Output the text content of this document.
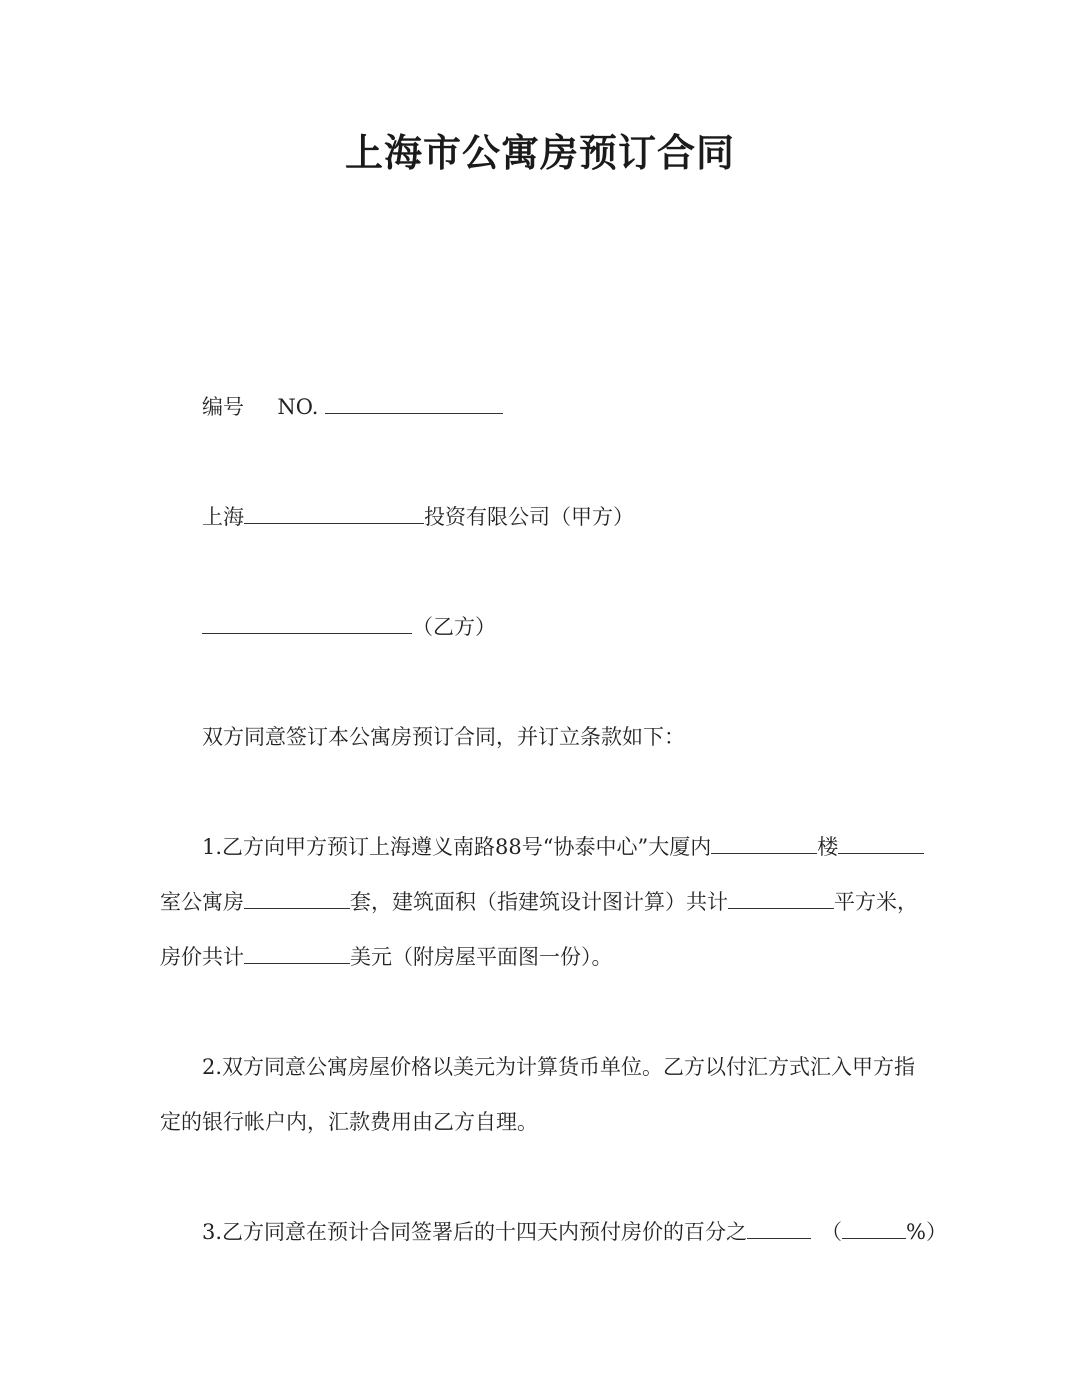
上海市公寓房预订合同
编号 NO.
上海	投资有限公司（甲方）
（乙方）
双方同意签订本公寓房预订合同，并订立条款如下：
1.乙方向甲方预订上海遵义南路88号“协泰中心”大厦内	楼
室公寓房	套，建筑面积（指建筑设计图计算）共计	平方米，
房价共计	美元（附房屋平面图一份）。
2.双方同意公寓房屋价格以美元为计算货币单位。乙方以付汇方式汇入甲方指
定的银行帐户内，汇款费用由乙方自理。
3.乙方同意在预计合同签署后的十四天内预付房价的百分之	（	%）
